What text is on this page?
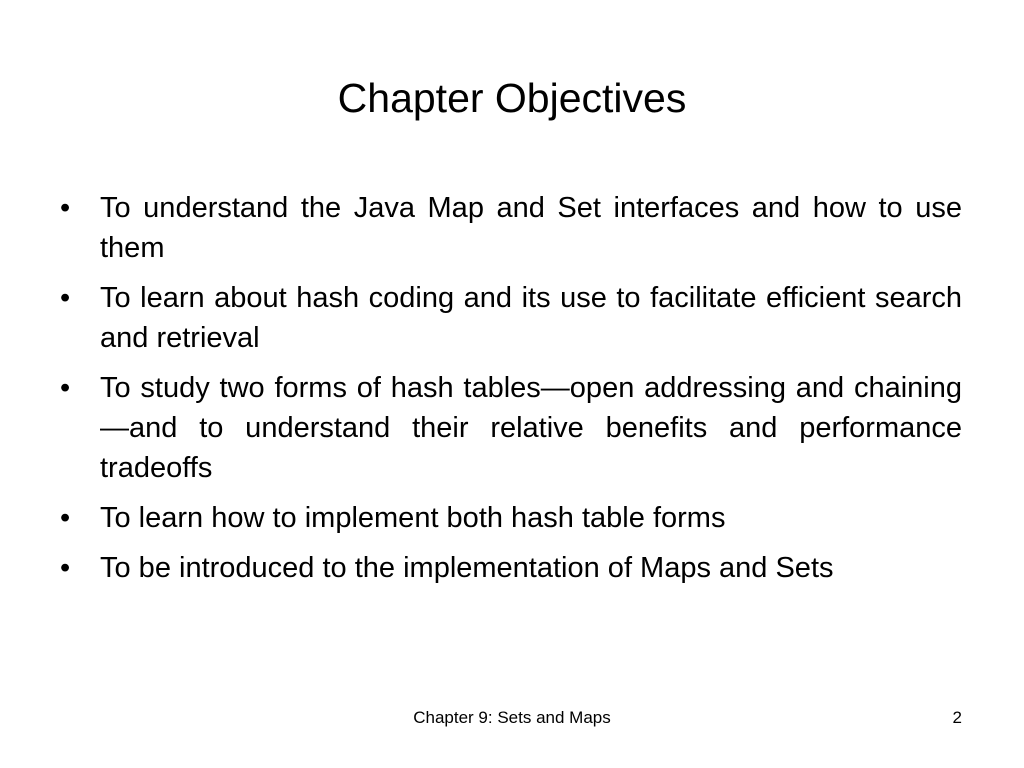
Chapter Objectives
•	To understand the Java Map and Set interfaces and how to use them
•	To learn about hash coding and its use to facilitate efficient search and retrieval
•	To study two forms of hash tables—open addressing and chaining—and to understand their relative benefits and performance tradeoffs
•	To learn how to implement both hash table forms
•	To be introduced to the implementation of Maps and Sets
Chapter 9: Sets and Maps	2
